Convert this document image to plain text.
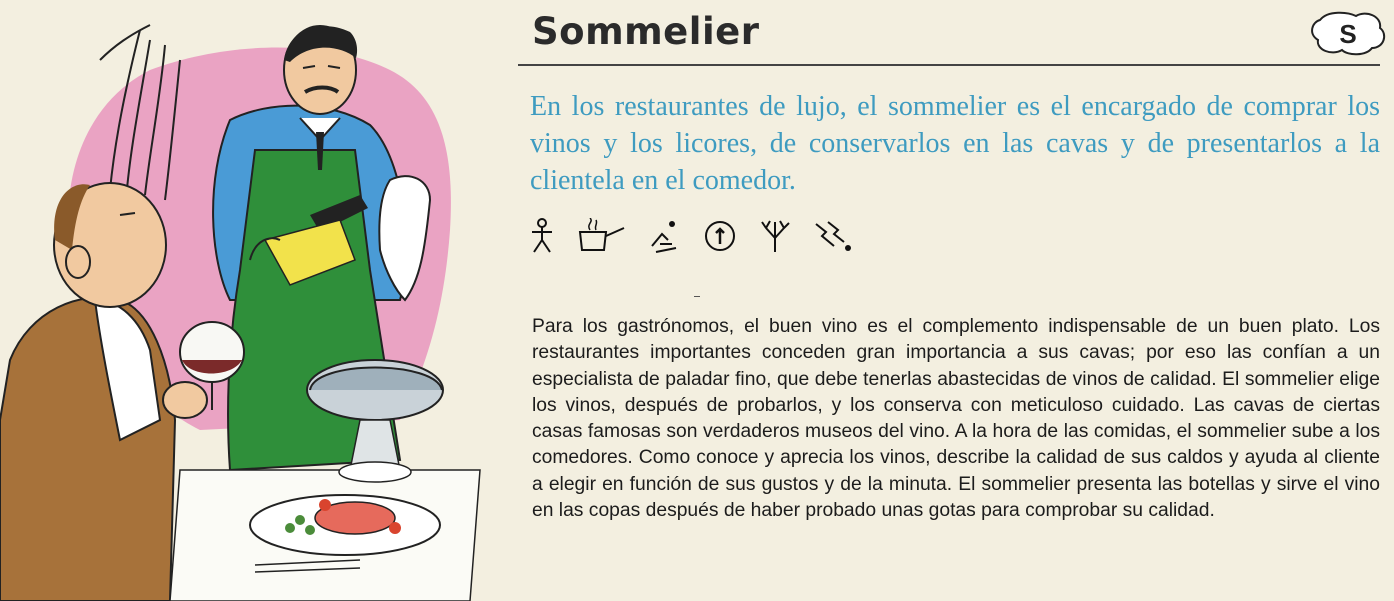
Sommelier	S
En los restaurantes de lujo, el sommelier es el encargado de comprar los vinos y los licores, de conservarlos en las cavas y de presentarlos a la clientela en el comedor.
Para los gastrónomos, el buen vino es el complemento indispensable de un buen plato. Los restaurantes importantes conceden gran importancia a sus cavas; por eso las confían a un especialista de paladar fino, que debe tenerlas abastecidas de vinos de calidad. El sommelier elige los vinos, después de probarlos, y los conserva con meticuloso cuidado. Las cavas de ciertas casas famosas son verdaderos museos del vino. A la hora de las comidas, el sommelier sube a los comedores. Como conoce y aprecia los vinos, describe la calidad de sus caldos y ayuda al cliente a elegir en función de sus gustos y de la minuta. El sommelier presenta las botellas y sirve el vino en las copas después de haber probado unas gotas para comprobar su calidad.
